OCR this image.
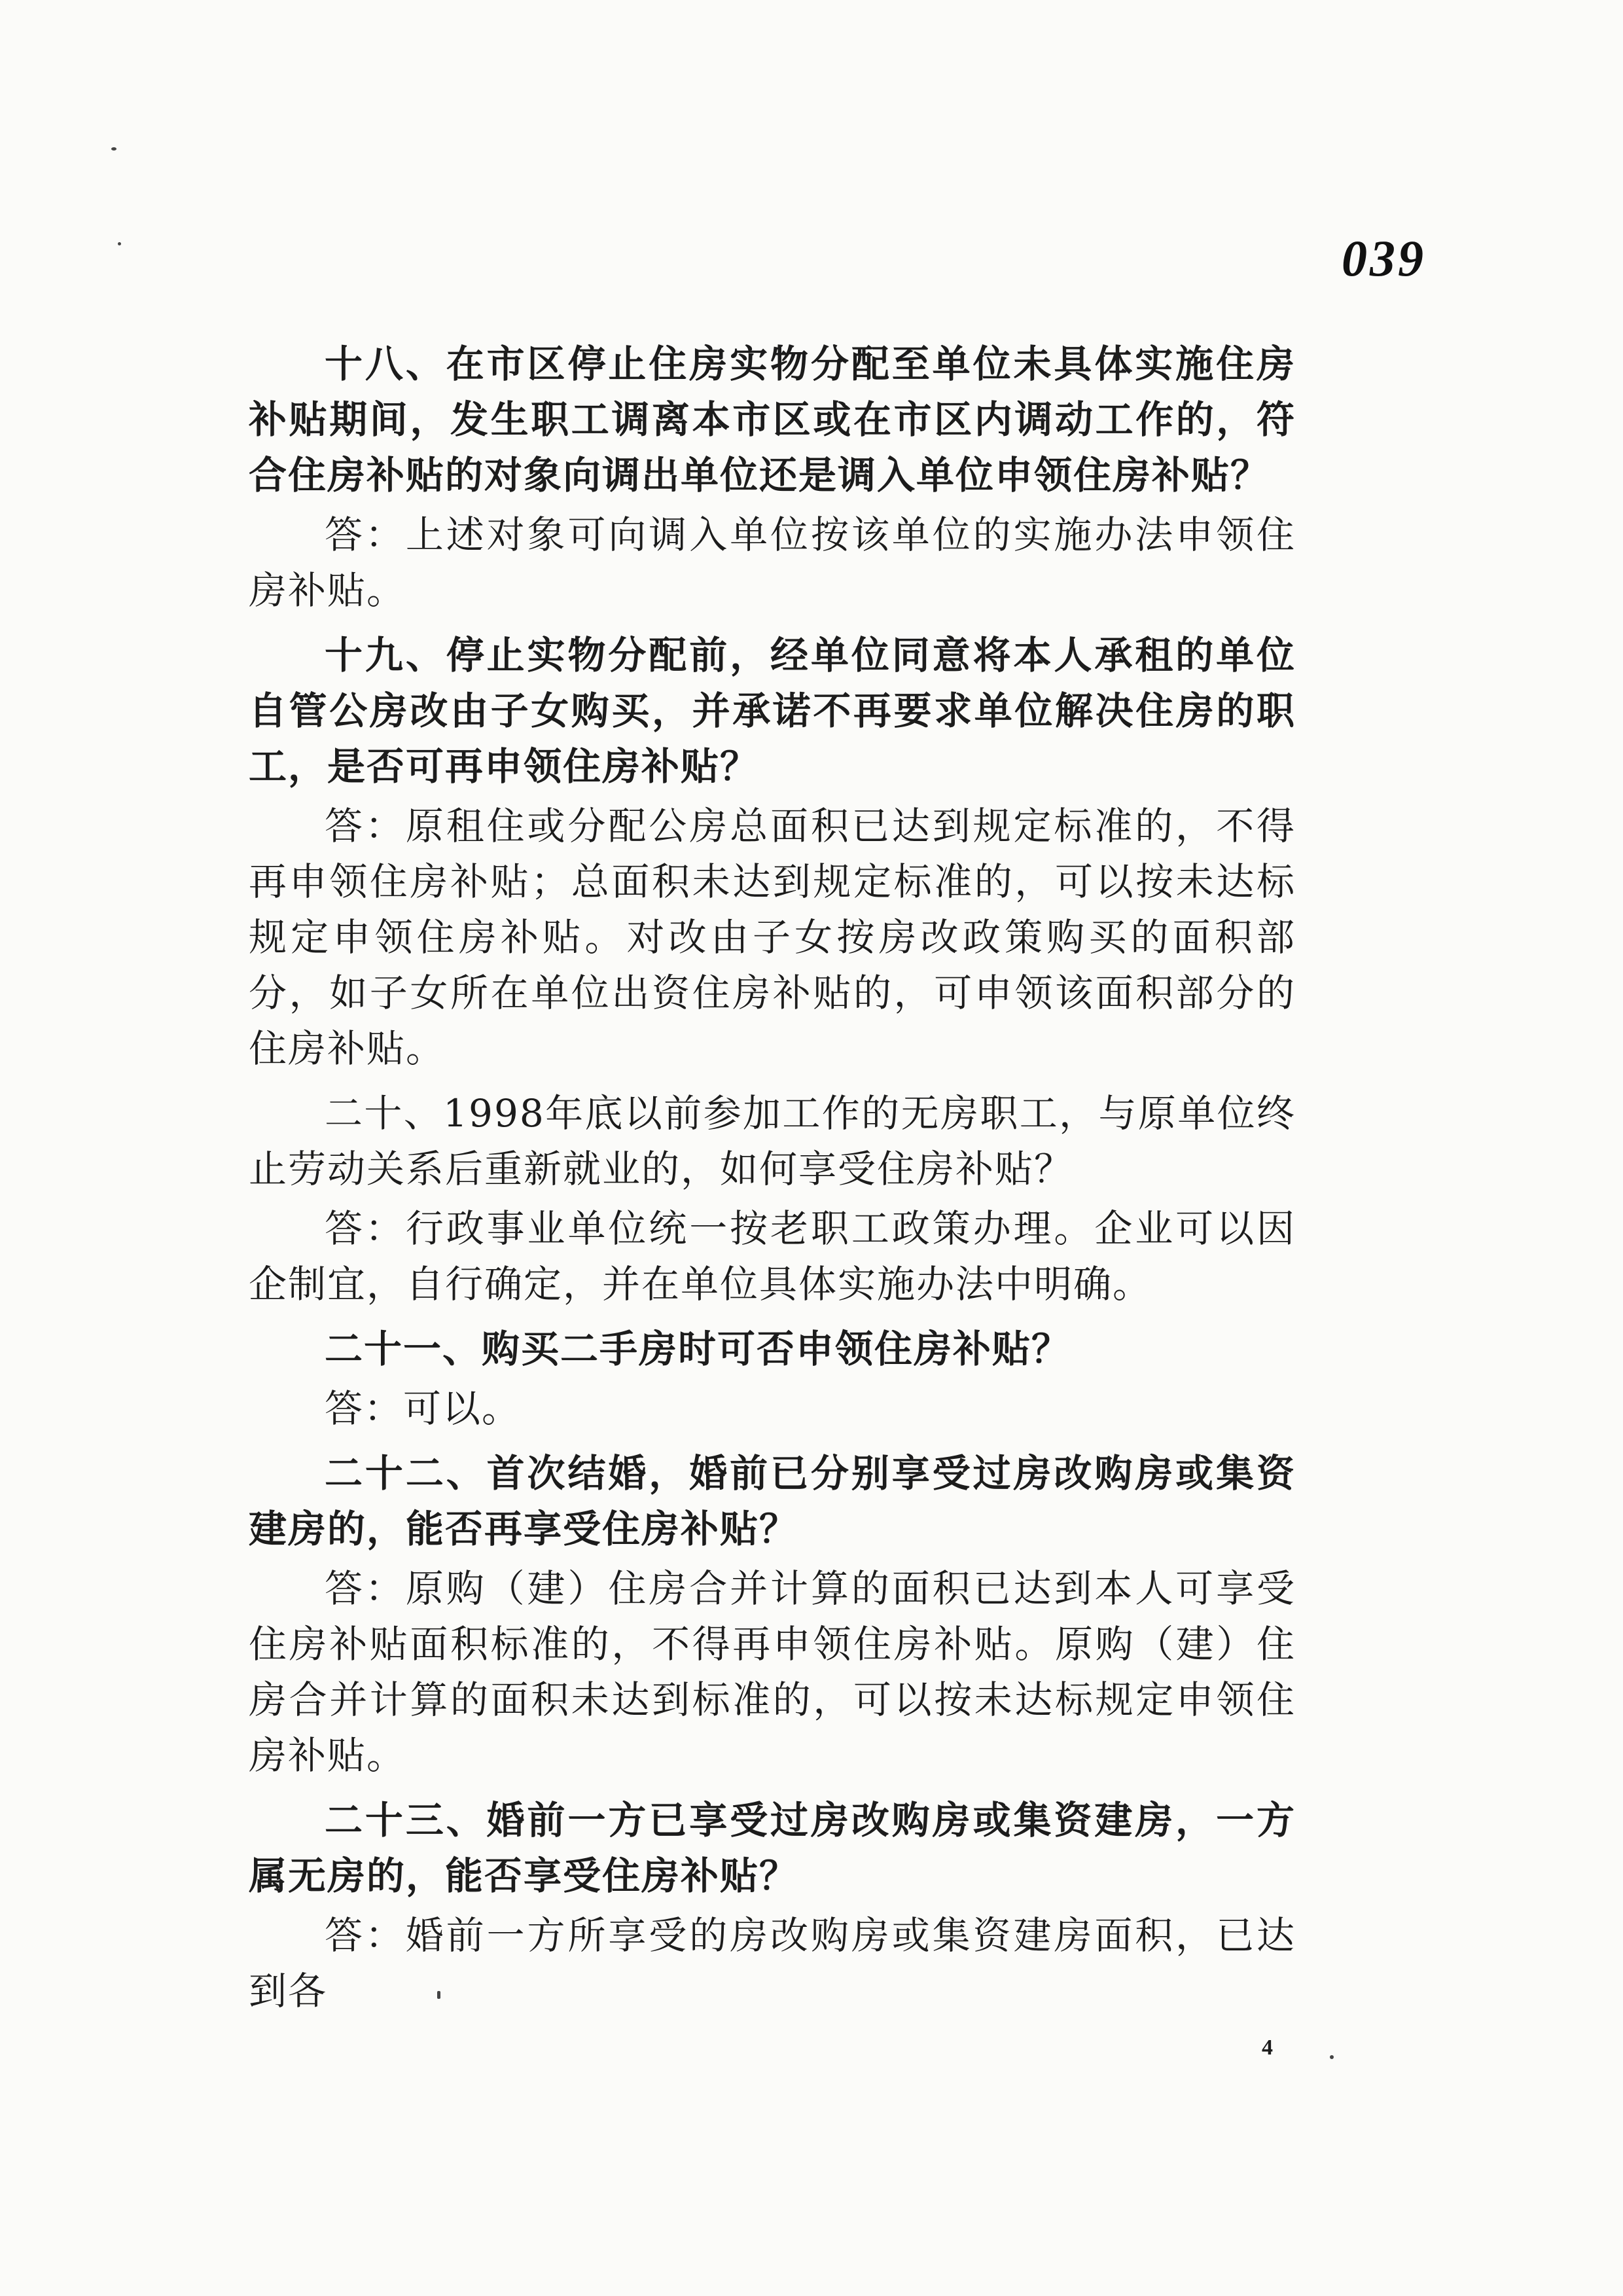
039

十八、在市区停止住房实物分配至单位未具体实施住房补贴期间，发生职工调离本市区或在市区内调动工作的，符合住房补贴的对象向调出单位还是调入单位申领住房补贴？

答：上述对象可向调入单位按该单位的实施办法申领住房补贴。

十九、停止实物分配前，经单位同意将本人承租的单位自管公房改由子女购买，并承诺不再要求单位解决住房的职工，是否可再申领住房补贴？

答：原租住或分配公房总面积已达到规定标准的，不得再申领住房补贴；总面积未达到规定标准的，可以按未达标规定申领住房补贴。对改由子女按房改政策购买的面积部分，如子女所在单位出资住房补贴的，可申领该面积部分的住房补贴。

二十、1998年底以前参加工作的无房职工，与原单位终止劳动关系后重新就业的，如何享受住房补贴？

答：行政事业单位统一按老职工政策办理。企业可以因企制宜，自行确定，并在单位具体实施办法中明确。

二十一、购买二手房时可否申领住房补贴？

答：可以。

二十二、首次结婚，婚前已分别享受过房改购房或集资建房的，能否再享受住房补贴？

答：原购（建）住房合并计算的面积已达到本人可享受住房补贴面积标准的，不得再申领住房补贴。原购（建）住房合并计算的面积未达到标准的，可以按未达标规定申领住房补贴。

二十三、婚前一方已享受过房改购房或集资建房，一方属无房的，能否享受住房补贴？

答：婚前一方所享受的房改购房或集资建房面积，已达到各

4
